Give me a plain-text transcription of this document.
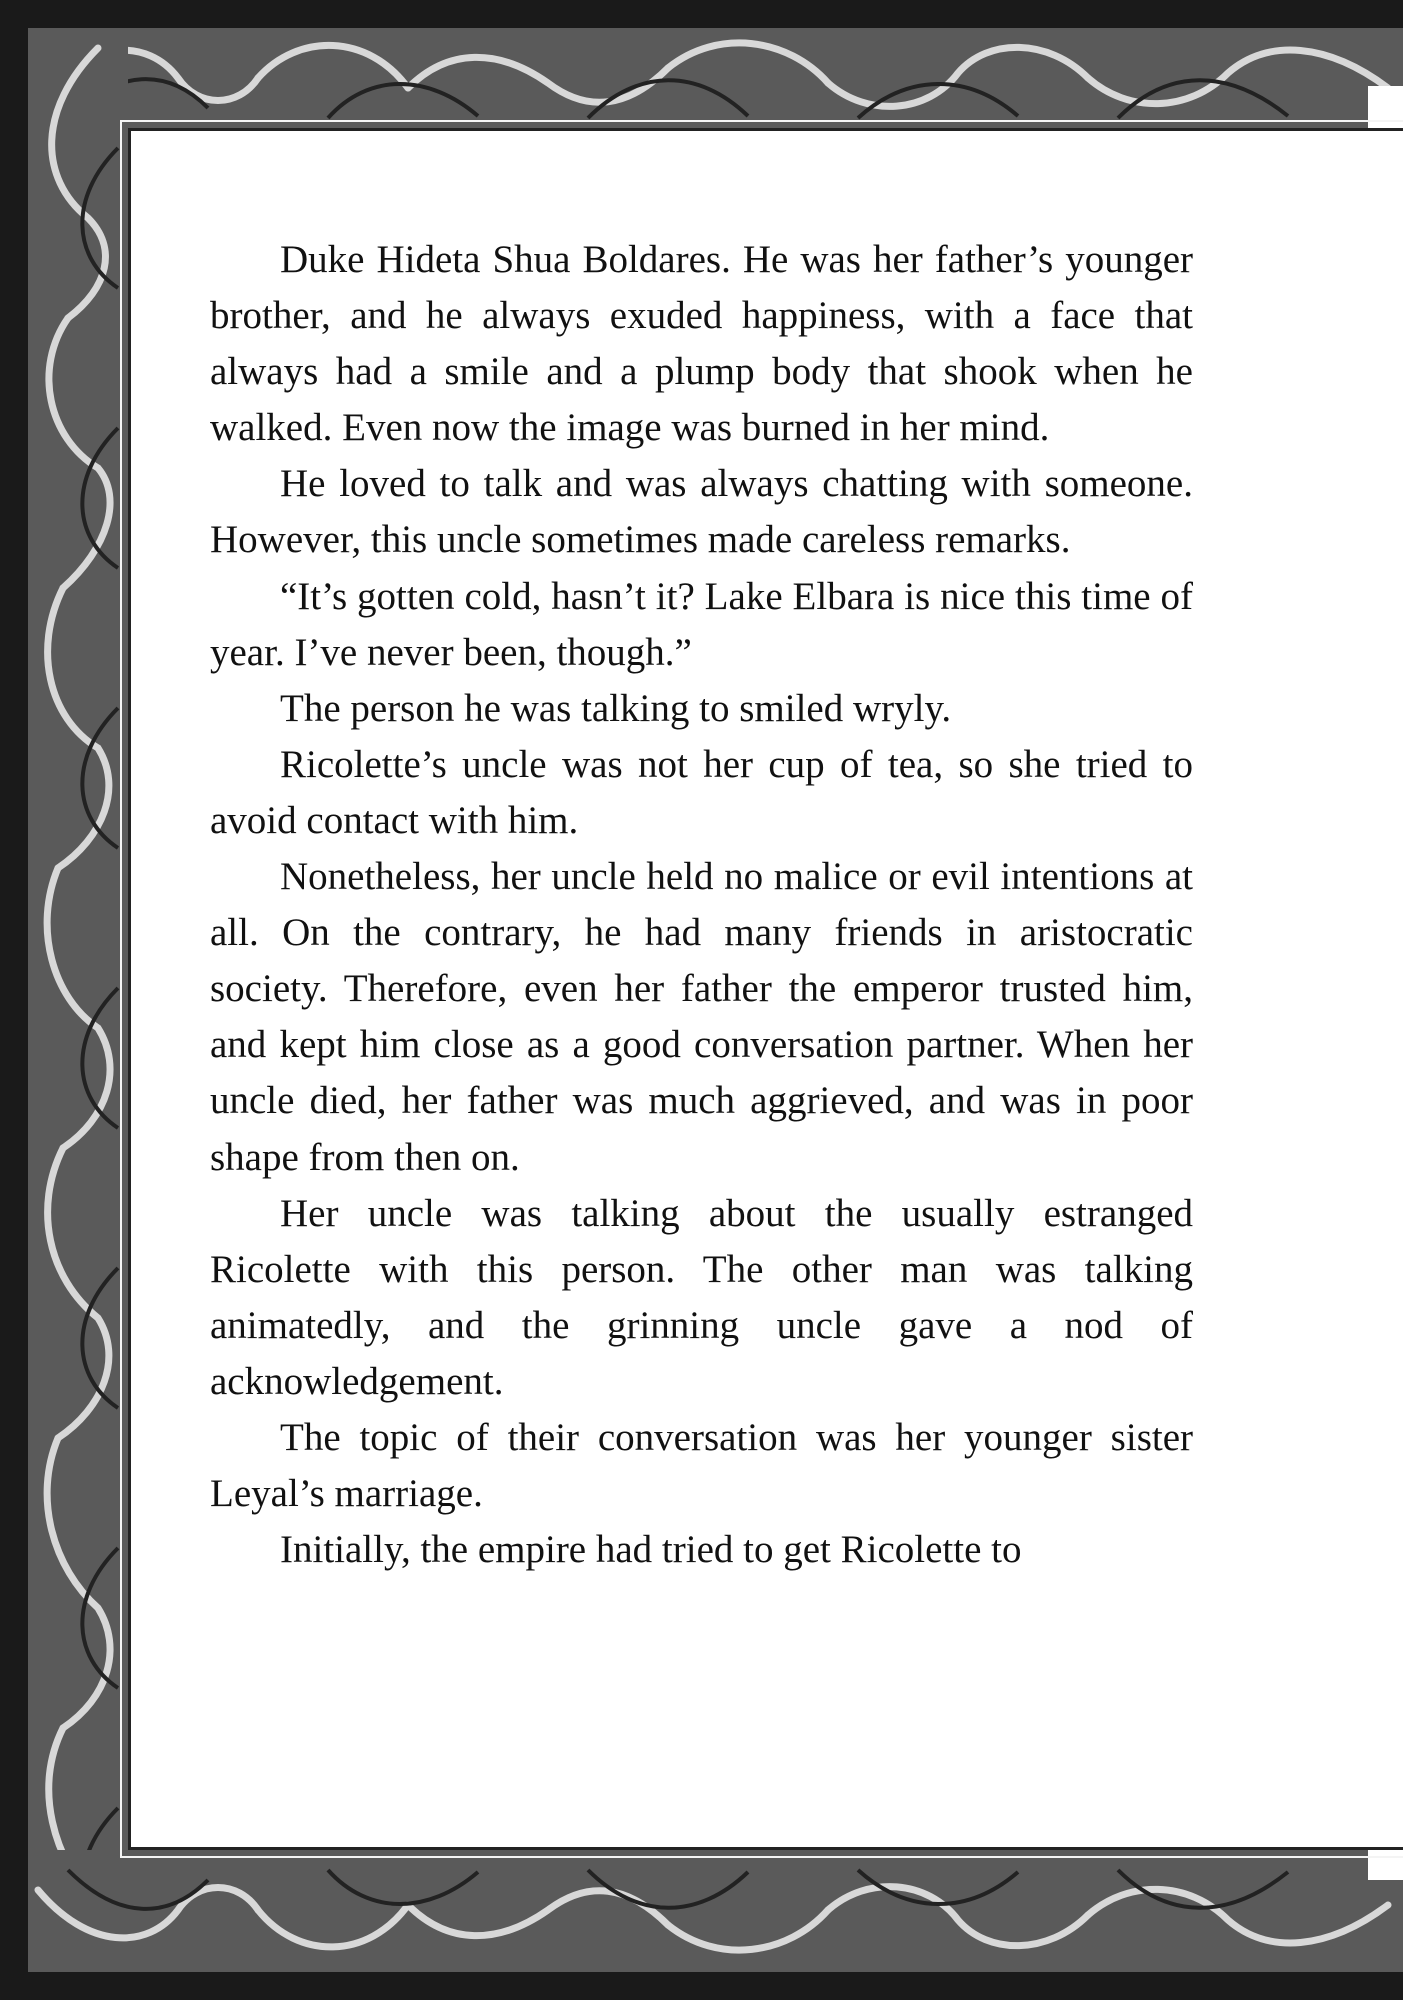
Duke Hideta Shua Boldares. He was her father’s younger brother, and he always exuded happiness, with a face that always had a smile and a plump body that shook when he walked. Even now the image was burned in her mind.

He loved to talk and was always chatting with someone. However, this uncle sometimes made careless remarks.

“It’s gotten cold, hasn’t it? Lake Elbara is nice this time of year. I’ve never been, though.”

The person he was talking to smiled wryly.

Ricolette’s uncle was not her cup of tea, so she tried to avoid contact with him.

Nonetheless, her uncle held no malice or evil intentions at all. On the contrary, he had many friends in aristocratic society. Therefore, even her father the emperor trusted him, and kept him close as a good conversation partner. When her uncle died, her father was much aggrieved, and was in poor shape from then on.

Her uncle was talking about the usually estranged Ricolette with this person. The other man was talking animatedly, and the grinning uncle gave a nod of acknowledgement.

The topic of their conversation was her younger sister Leyal’s marriage.

Initially, the empire had tried to get Ricolette to
